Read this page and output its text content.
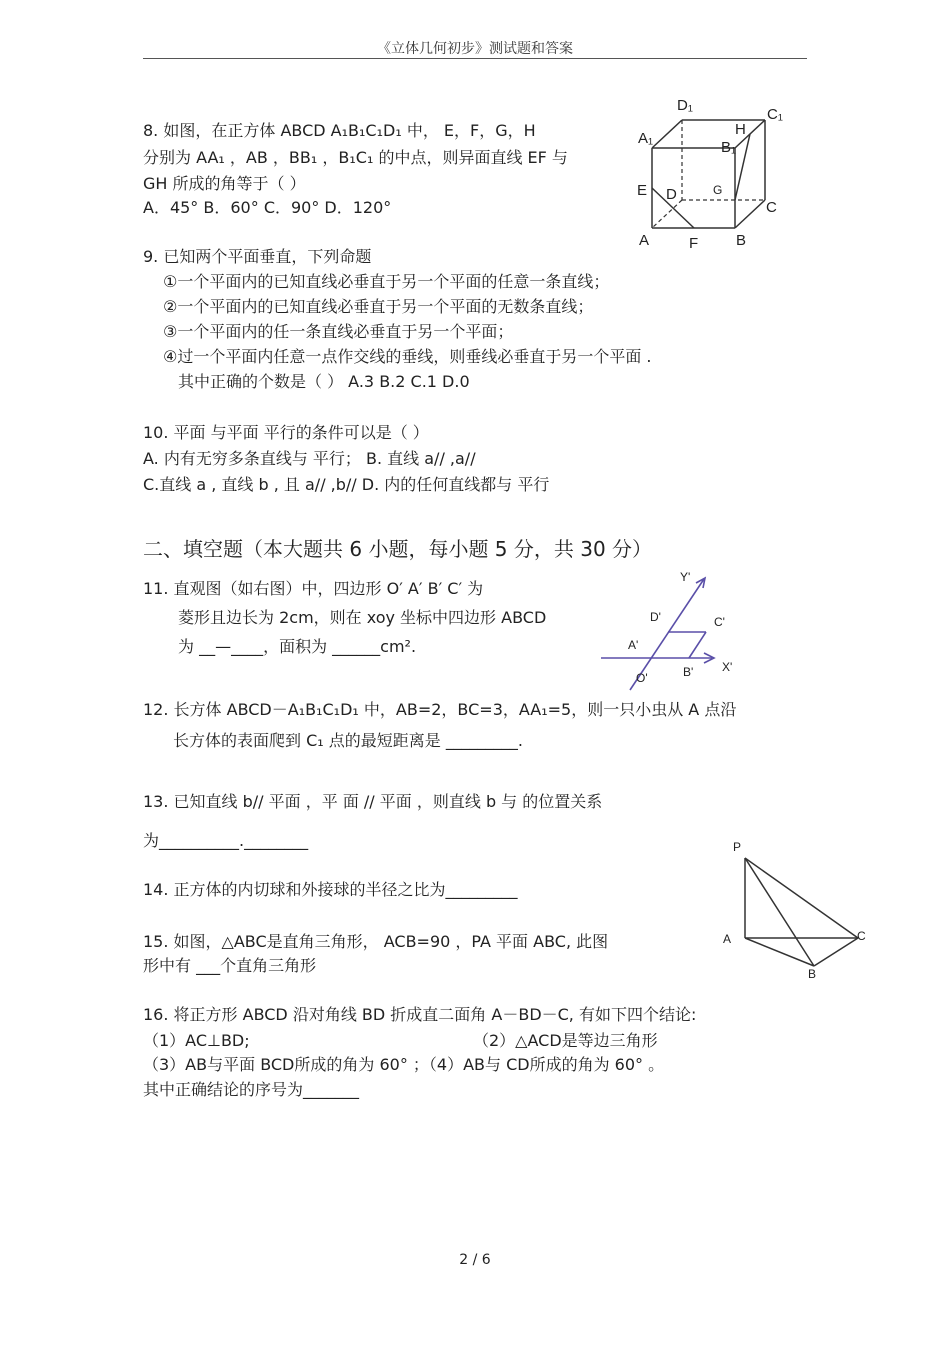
《立体几何初步》测试题和答案
8. 如图，在正方体 ABCD A₁B₁C₁D₁ 中， E，F，G，H
分别为 AA₁ ，AB ，BB₁ ，B₁C₁ 的中点，则异面直线 EF 与
GH 所成的角等于（ ）
A．45° B．60° C．90° D．120°
D₁
C₁
A₁
H
B₁
E D	G
C
A	F	B
9. 已知两个平面垂直，下列命题
①一个平面内的已知直线必垂直于另一个平面的任意一条直线；
②一个平面内的已知直线必垂直于另一个平面的无数条直线；
③一个平面内的任一条直线必垂直于另一个平面；
④过一个平面内任意一点作交线的垂线，则垂线必垂直于另一个平面 .
其中正确的个数是（ ） A.3 B.2 C.1 D.0
10. 平面 与平面 平行的条件可以是（ ）
A. 内有无穷多条直线与 平行； B. 直线 a// ,a//
C.直线 a , 直线 b , 且 a// ,b// D. 内的任何直线都与 平行
二、填空题（本大题共 6 小题，每小题 5 分，共 30 分）
11. 直观图（如右图）中，四边形 O′ A′ B′ C′ 为
菱形且边长为 2cm，则在 xoy 坐标中四边形 ABCD
为 __—____，面积为 ______cm².
Y'
D'	C'
A'
X'
B'
O'
12. 长方体 ABCD－A₁B₁C₁D₁ 中，AB=2，BC=3，AA₁=5，则一只小虫从 A 点沿
长方体的表面爬到 C₁ 点的最短距离是 _________.
13. 已知直线 b// 平面 ，平 面 // 平面 ，则直线 b 与 的位置关系
为__________.________
14. 正方体的内切球和外接球的半径之比为_________
15. 如图，△ABC是直角三角形， ACB=90 ，PA 平面 ABC, 此图
形中有 ___个直角三角形
P
A	C
B
16. 将正方形 ABCD 沿对角线 BD 折成直二面角 A－BD－C, 有如下四个结论:
（1）AC⊥BD;	（2）△ACD是等边三角形
（3）AB与平面 BCD所成的角为 60° ；（4）AB与 CD所成的角为 60° 。
其中正确结论的序号为_______
2 / 6
